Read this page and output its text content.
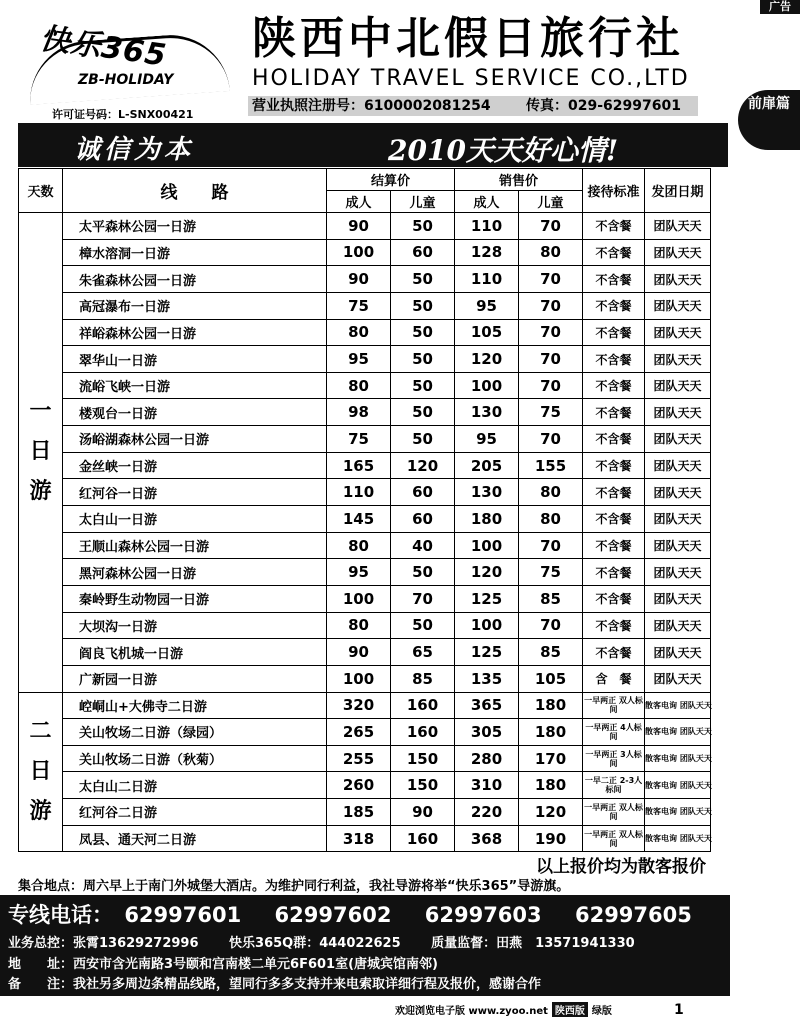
广告
前扉篇
快乐365
ZB-HOLIDAY
许可证号码：L-SNX00421
陕西中北假日旅行社
HOLIDAY TRAVEL SERVICE CO.,LTD
营业执照注册号：6100002081254	传真：029-62997601
诚信为本	2010天天好心情!
天数	线　　路	结算价		销售价		接待标准	发团日期
		成人	儿童	成人	儿童		

一
日
游	太平森林公园一日游	90	50	110	70	不含餐	团队天天
	樟水溶洞一日游	100	60	128	80	不含餐	团队天天
	朱雀森林公园一日游	90	50	110	70	不含餐	团队天天
	高冠瀑布一日游	75	50	95	70	不含餐	团队天天
	祥峪森林公园一日游	80	50	105	70	不含餐	团队天天
	翠华山一日游	95	50	120	70	不含餐	团队天天
	流峪飞峡一日游	80	50	100	70	不含餐	团队天天
	楼观台一日游	98	50	130	75	不含餐	团队天天
	汤峪湖森林公园一日游	75	50	95	70	不含餐	团队天天
	金丝峡一日游	165	120	205	155	不含餐	团队天天
	红河谷一日游	110	60	130	80	不含餐	团队天天
	太白山一日游	145	60	180	80	不含餐	团队天天
	王顺山森林公园一日游	80	40	100	70	不含餐	团队天天
	黑河森林公园一日游	95	50	120	75	不含餐	团队天天
	秦岭野生动物园一日游	100	70	125	85	不含餐	团队天天
	大坝沟一日游	80	50	100	70	不含餐	团队天天
	阎良飞机城一日游	90	65	125	85	不含餐	团队天天
	广新园一日游	100	85	135	105	含　餐	团队天天

二
日
游	崆峒山+大佛寺二日游	320	160	365	180	一早两正 双人标间	散客电询 团队天天
	关山牧场二日游（绿园）	265	160	305	180	一早两正 4人标间	散客电询 团队天天
	关山牧场二日游（秋菊）	255	150	280	170	一早两正 3人标间	散客电询 团队天天
	太白山二日游	260	150	310	180	一早二正 2-3人标间	散客电询 团队天天
	红河谷二日游	185	90	220	120	一早两正 双人标间	散客电询 团队天天
	凤县、通天河二日游	318	160	368	190	一早两正 双人标间	散客电询 团队天天
以上报价均为散客报价
集合地点：周六早上于南门外城堡大酒店。为维护同行利益，我社导游将举“快乐365”导游旗。
专线电话： 62997601 62997602 62997603 62997605
业务总控：张霄13629272996 快乐365Q群：444022625 质量监督：田燕　13571941330
地　　址：西安市含光南路3号颐和宫南楼二单元6F601室(唐城宾馆南邻)
备　　注：我社另多周边条精品线路，望同行多多支持并来电索取详细行程及报价，感谢合作
欢迎浏览电子版 www.zyoo.net 陕西版 绿版	1
